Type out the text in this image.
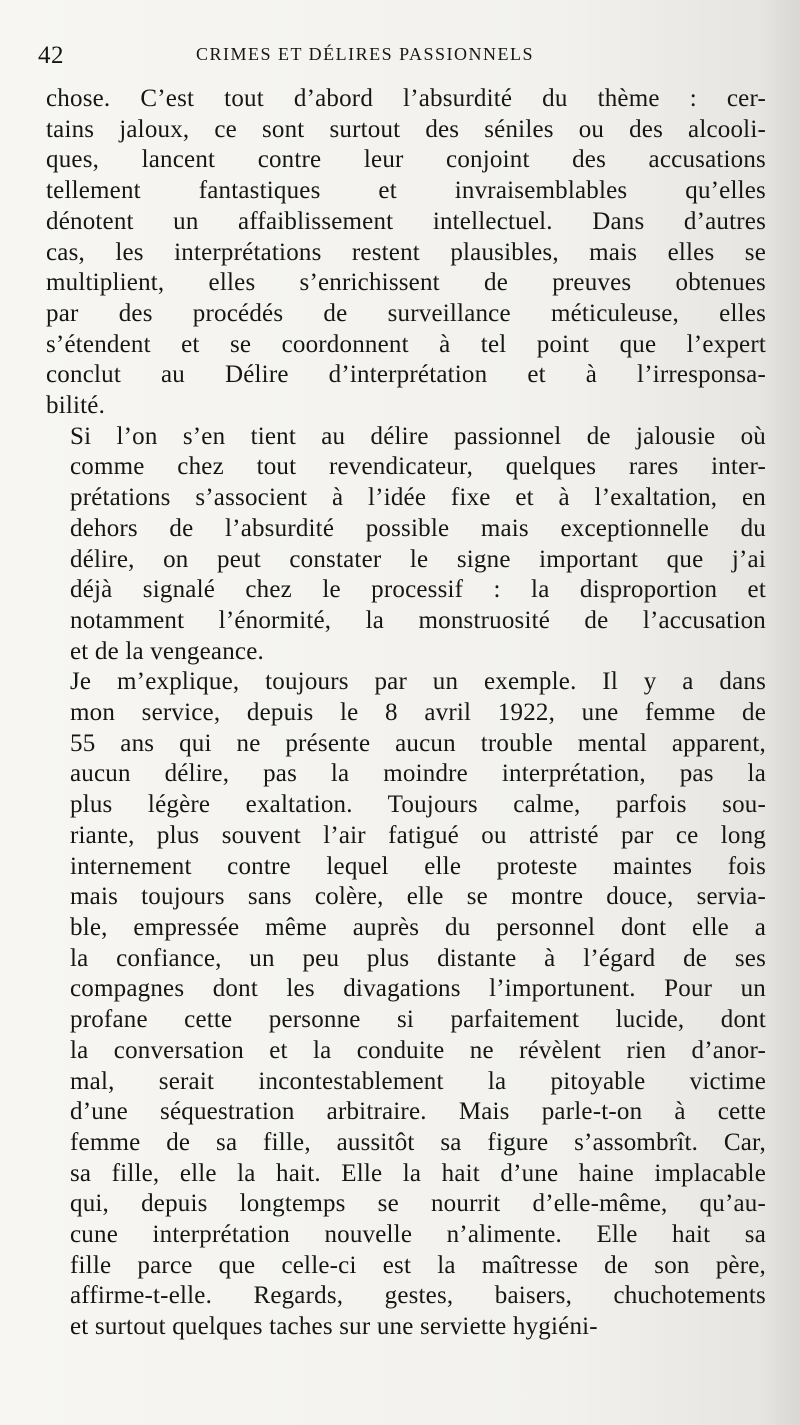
42	CRIMES ET DÉLIRES PASSIONNELS

chose. C’est tout d’abord l’absurdité du thème : cer-
tains jaloux, ce sont surtout des séniles ou des alcooli-
ques, lancent contre leur conjoint des accusations
tellement fantastiques et invraisemblables qu’elles
dénotent un affaiblissement intellectuel. Dans d’autres
cas, les interprétations restent plausibles, mais elles se
multiplient, elles s’enrichissent de preuves obtenues
par des procédés de surveillance méticuleuse, elles
s’étendent et se coordonnent à tel point que l’expert
conclut au Délire d’interprétation et à l’irresponsa-
bilité.

Si l’on s’en tient au délire passionnel de jalousie où
comme chez tout revendicateur, quelques rares inter-
prétations s’associent à l’idée fixe et à l’exaltation, en
dehors de l’absurdité possible mais exceptionnelle du
délire, on peut constater le signe important que j’ai
déjà signalé chez le processif : la disproportion et
notamment l’énormité, la monstruosité de l’accusation
et de la vengeance.

Je m’explique, toujours par un exemple. Il y a dans
mon service, depuis le 8 avril 1922, une femme de
55 ans qui ne présente aucun trouble mental apparent,
aucun délire, pas la moindre interprétation, pas la
plus légère exaltation. Toujours calme, parfois sou-
riante, plus souvent l’air fatigué ou attristé par ce long
internement contre lequel elle proteste maintes fois
mais toujours sans colère, elle se montre douce, servia-
ble, empressée même auprès du personnel dont elle a
la confiance, un peu plus distante à l’égard de ses
compagnes dont les divagations l’importunent. Pour un
profane cette personne si parfaitement lucide, dont
la conversation et la conduite ne révèlent rien d’anor-
mal, serait incontestablement la pitoyable victime
d’une séquestration arbitraire. Mais parle-t-on à cette
femme de sa fille, aussitôt sa figure s’assombrît. Car,
sa fille, elle la hait. Elle la hait d’une haine implacable
qui, depuis longtemps se nourrit d’elle-même, qu’au-
cune interprétation nouvelle n’alimente. Elle hait sa
fille parce que celle-ci est la maîtresse de son père,
affirme-t-elle. Regards, gestes, baisers, chuchotements
et surtout quelques taches sur une serviette hygiéni-
